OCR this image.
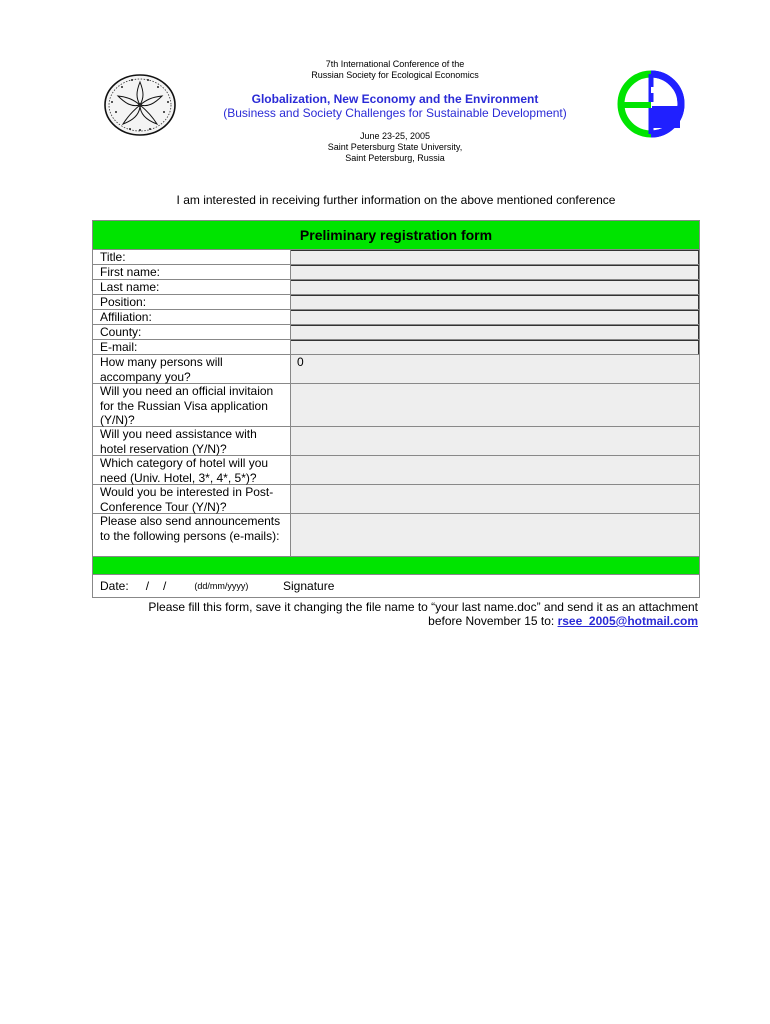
7th International Conference of the
Russian Society for Ecological Economics
Globalization, New Economy and the Environment
(Business and Society Challenges for Sustainable Development)
June 23-25, 2005
Saint Petersburg State University,
Saint Petersburg, Russia
I am interested in receiving further information on the above mentioned conference
Preliminary registration form
Title:
First name:
Last name:
Position:
Affiliation:
County:
E-mail:
How many persons will accompany you?
0
Will you need an official invitaion for the Russian Visa application (Y/N)?
Will you need assistance with hotel reservation (Y/N)?
Which category of hotel will you need (Univ. Hotel, 3*, 4*, 5*)?
Would you be interested in Post-Conference Tour (Y/N)?
Please also send announcements to the following persons (e-mails):
Date: / /	(dd/mm/yyyy)	Signature
Please fill this form, save it changing the file name to “your last name.doc” and send it as an attachment
before November 15 to: rsee_2005@hotmail.com
